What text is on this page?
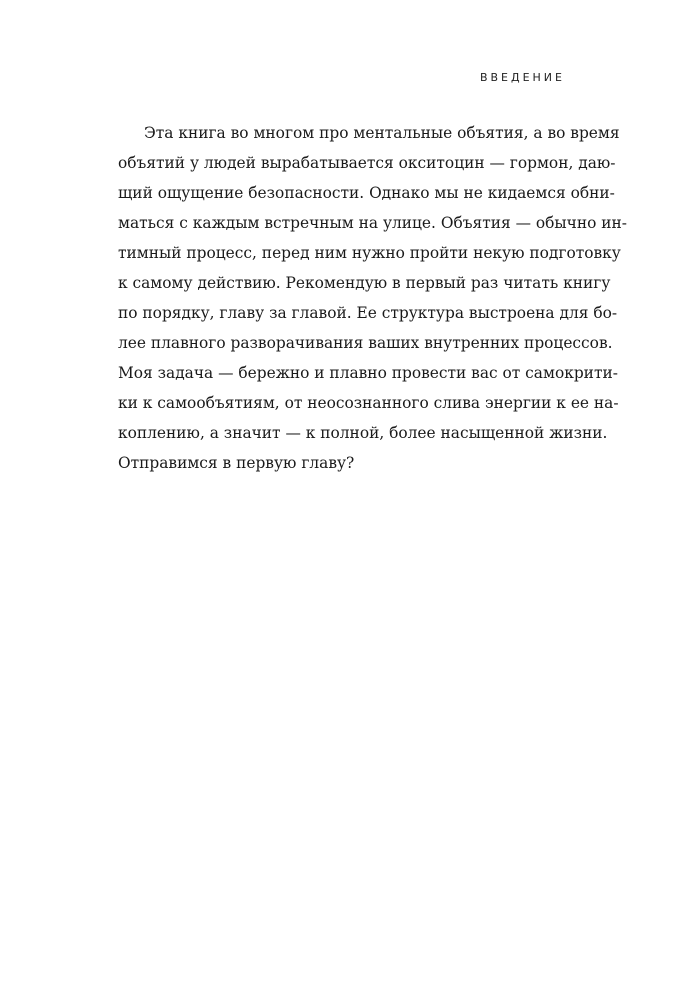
ВВЕДЕНИЕ
Эта книга во многом про ментальные объятия, а во время
объятий у людей вырабатывается окситоцин — гормон, даю-
щий ощущение безопасности. Однако мы не кидаемся обни-
маться с каждым встречным на улице. Объятия — обычно ин-
тимный процесс, перед ним нужно пройти некую подготовку
к самому действию. Рекомендую в первый раз читать книгу
по порядку, главу за главой. Ее структура выстроена для бо-
лее плавного разворачивания ваших внутренних процессов.
Моя задача — бережно и плавно провести вас от самокрити-
ки к самообъятиям, от неосознанного слива энергии к ее на-
коплению, а значит — к полной, более насыщенной жизни.
Отправимся в первую главу?
